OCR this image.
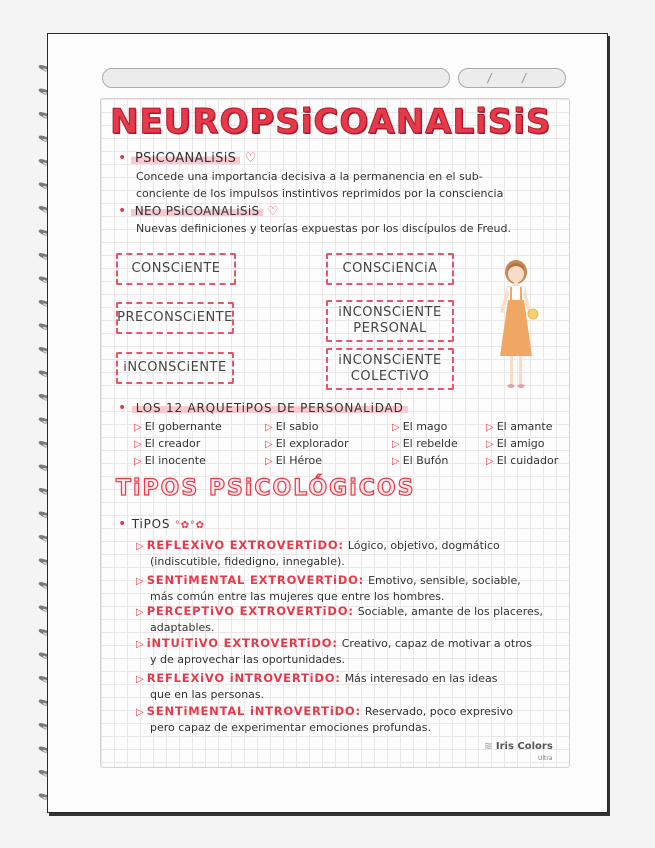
/ /
NEUROPSiCOANALiSiS
• PSiCOANALiSiS ♡
Concede una importancia decisiva a la permanencia en el sub-
conciente de los impulsos instintivos reprimidos por la consciencia
• NEO PSiCOANALiSiS ♡
Nuevas definiciones y teorías expuestas por los discípulos de Freud.
CONSCiENTE	CONSCiENCiA
PRECONSCiENTE	iNCONSCiENTE
PERSONAL
iNCONSCiENTE	iNCONSCiENTE
COLECTiVO
• LOS 12 ARQUETiPOS DE PERSONALiDAD
▷ El gobernante	▷ El sabio	▷ El mago	▷ El amante
▷ El creador	▷ El explorador	▷ El rebelde	▷ El amigo
▷ El inocente	▷ El Héroe	▷ El Bufón	▷ El cuidador
TiPOS PSiCOLÓGiCOS
• TiPOS °✿°✿
▷ REFLEXiVO EXTROVERTiDO: Lógico, objetivo, dogmático
(indiscutible, fidedigno, innegable).
▷ SENTiMENTAL EXTROVERTiDO: Emotivo, sensible, sociable,
más común entre las mujeres que entre los hombres.
▷ PERCEPTiVO EXTROVERTiDO: Sociable, amante de los placeres,
adaptables.
▷ iNTUiTiVO EXTROVERTiDO: Creativo, capaz de motivar a otros
y de aprovechar las oportunidades.
▷ REFLEXiVO iNTROVERTiDO: Más interesado en las ideas
que en las personas.
▷ SENTiMENTAL iNTROVERTiDO: Reservado, poco expresivo
pero capaz de experimentar emociones profundas.
≋ Iris Colors
Ultra
